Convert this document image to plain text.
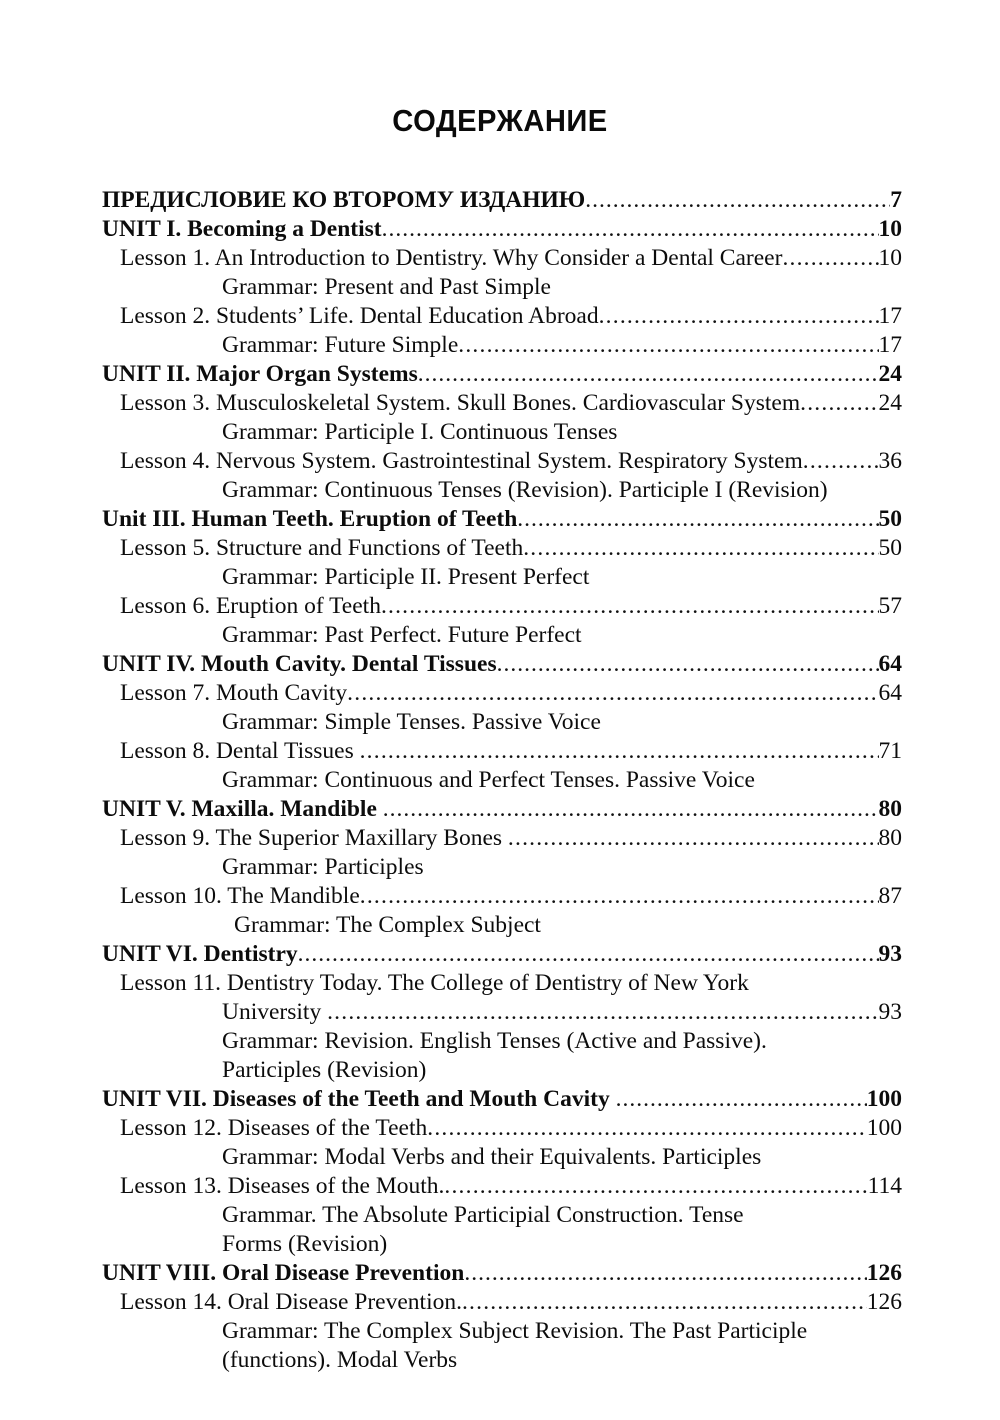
СОДЕРЖАНИЕ
ПРЕДИСЛОВИЕ КО ВТОРОМУ ИЗДАНИЮ .....	7
UNIT I. Becoming a Dentist .....	10
Lesson 1. An Introduction to Dentistry. Why Consider a Dental Career .....	10
Grammar: Present and Past Simple
Lesson 2. Students’ Life. Dental Education Abroad .....	17
Grammar: Future Simple .....	17
UNIT II. Major Organ Systems .....	24
Lesson 3. Musculoskeletal System. Skull Bones. Cardiovascular System .....	24
Grammar: Participle I. Continuous Tenses
Lesson 4. Nervous System. Gastrointestinal System. Respiratory System .....	36
Grammar: Continuous Tenses (Revision). Participle I (Revision)
Unit III. Human Teeth. Eruption of Teeth .....	50
Lesson 5. Structure and Functions of Teeth .....	50
Grammar: Participle II. Present Perfect
Lesson 6. Eruption of Teeth .....	57
Grammar: Past Perfect. Future Perfect
UNIT IV. Mouth Cavity. Dental Tissues .....	64
Lesson 7. Mouth Cavity .....	64
Grammar: Simple Tenses. Passive Voice
Lesson 8. Dental Tissues .....	71
Grammar: Continuous and Perfect Tenses. Passive Voice
UNIT V. Maxilla. Mandible .....	80
Lesson 9. The Superior Maxillary Bones .....	80
Grammar: Participles
Lesson 10. The Mandible .....	87
Grammar: The Complex Subject
UNIT VI. Dentistry .....	93
Lesson 11. Dentistry Today. The College of Dentistry of New York
University .....	93
Grammar: Revision. English Tenses (Active and Passive).
Participles (Revision)
UNIT VII. Diseases of the Teeth and Mouth Cavity .....	100
Lesson 12. Diseases of the Teeth .....	100
Grammar: Modal Verbs and their Equivalents. Participles
Lesson 13. Diseases of the Mouth. .....	114
Grammar. The Absolute Participial Construction. Tense
Forms (Revision)
UNIT VIII. Oral Disease Prevention .....	126
Lesson 14. Oral Disease Prevention. .....	126
Grammar: The Complex Subject Revision. The Past Participle
(functions). Modal Verbs
